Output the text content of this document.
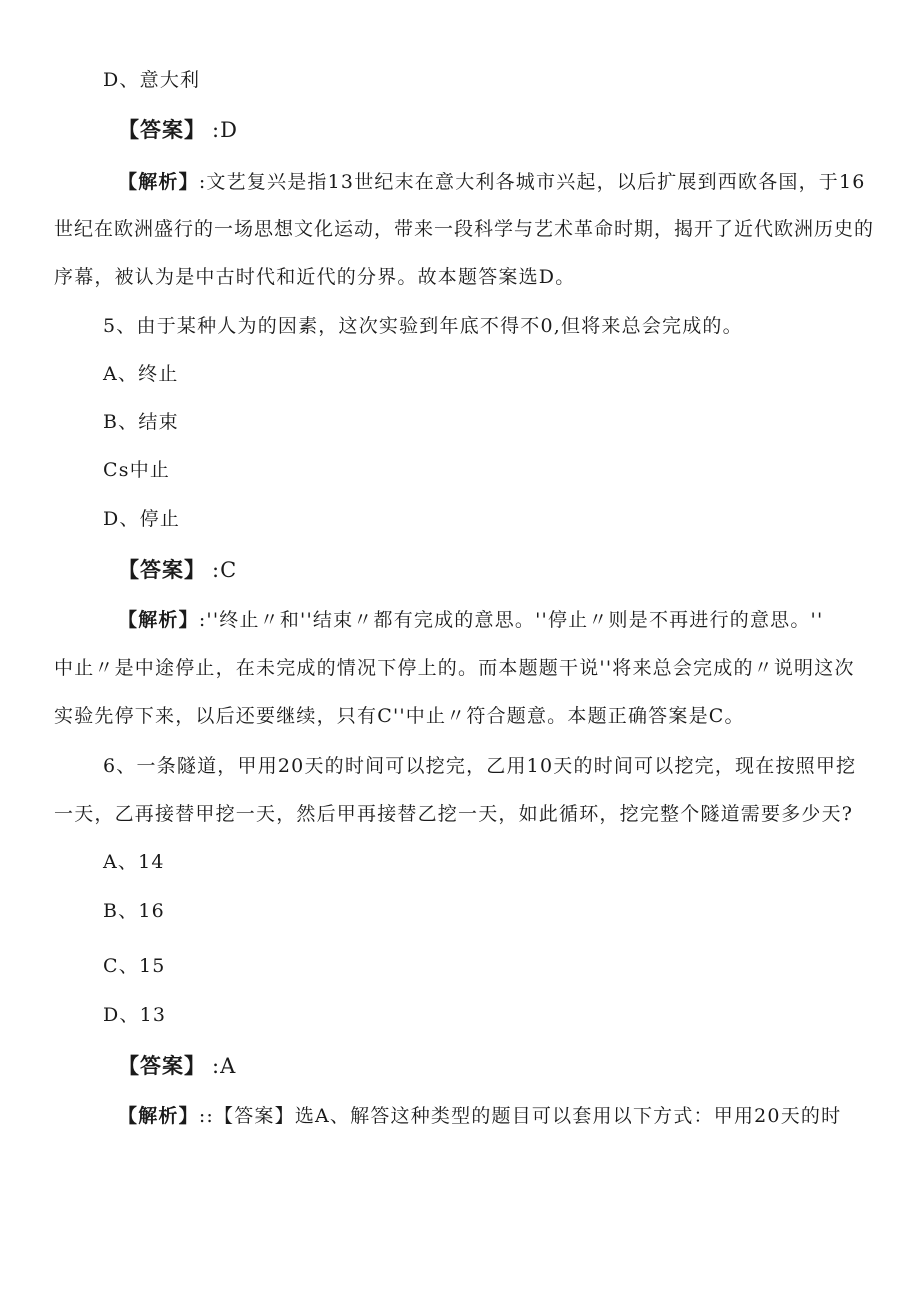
D、意大利
【答案】 :D
【解析】:文艺复兴是指13世纪末在意大利各城市兴起，以后扩展到西欧各国，于16
世纪在欧洲盛行的一场思想文化运动，带来一段科学与艺术革命时期，揭开了近代欧洲历史的
序幕，被认为是中古时代和近代的分界。故本题答案选D。
5、由于某种人为的因素，这次实验到年底不得不0,但将来总会完成的。
A、终止
B、结束
Cs中止
D、停止
【答案】 :C
【解析】:''终止〃和''结束〃都有完成的意思。''停止〃则是不再进行的意思。''
中止〃是中途停止，在未完成的情况下停上的。而本题题干说''将来总会完成的〃说明这次
实验先停下来，以后还要继续，只有C''中止〃符合题意。本题正确答案是C。
6、一条隧道，甲用20天的时间可以挖完，乙用10天的时间可以挖完，现在按照甲挖
一天，乙再接替甲挖一天，然后甲再接替乙挖一天，如此循环，挖完整个隧道需要多少天?
A、14
B、16
C、15
D、13
【答案】 :A
【解析】::【答案】选A、解答这种类型的题目可以套用以下方式：甲用20天的时
